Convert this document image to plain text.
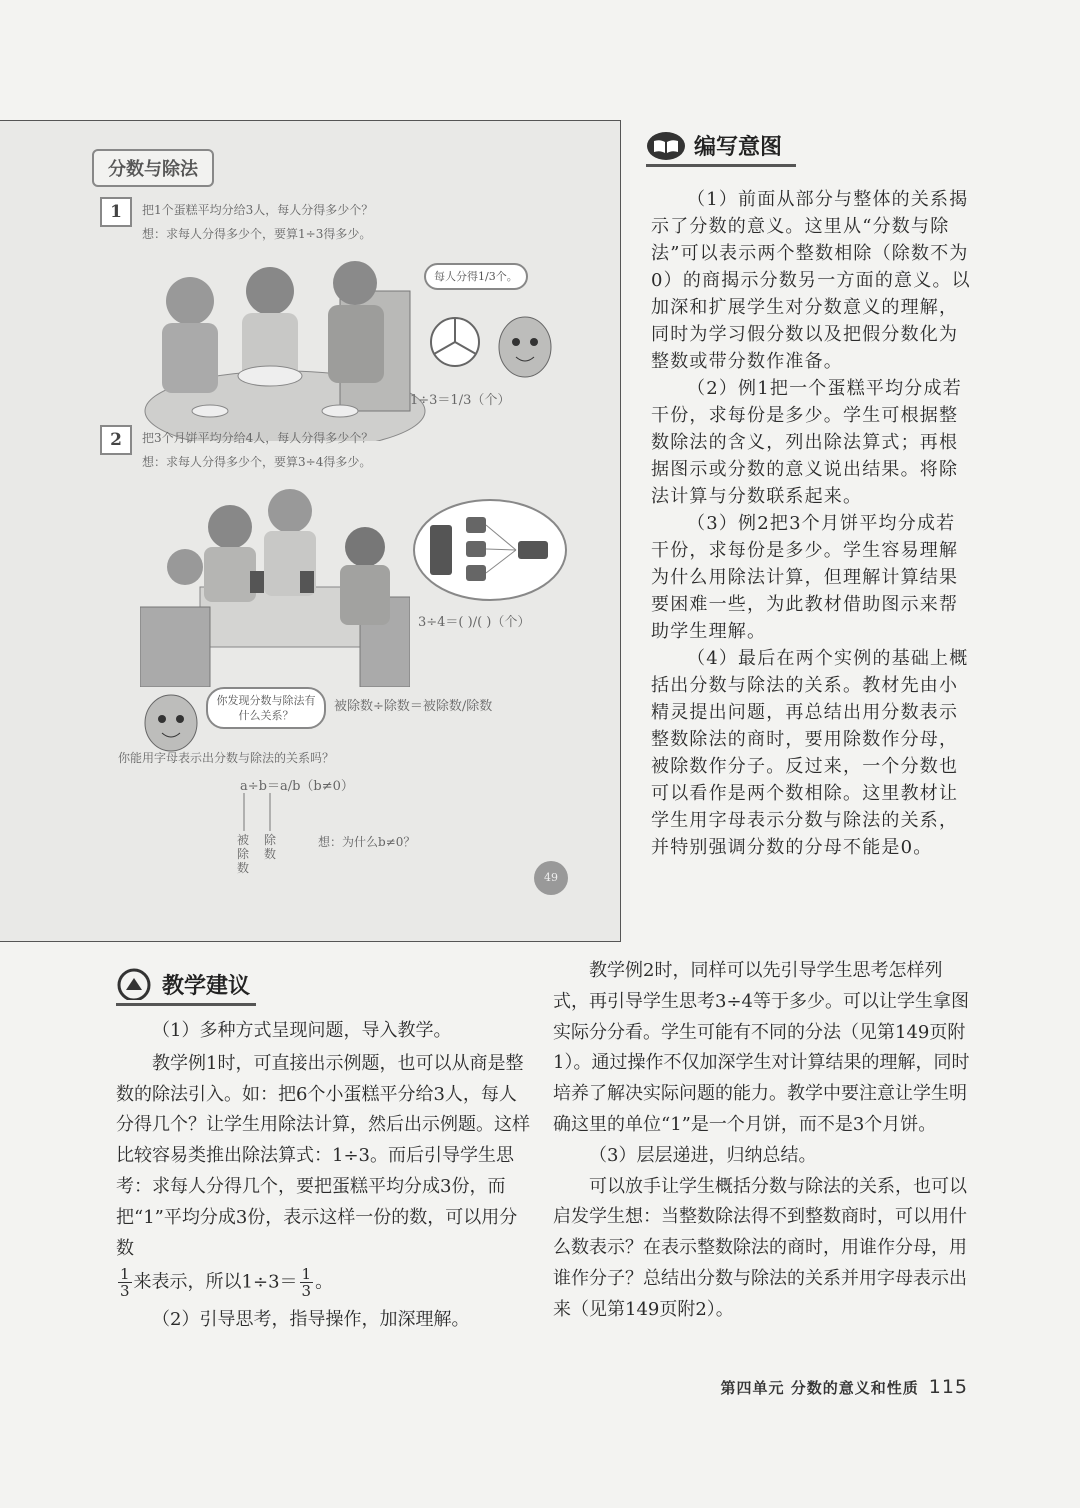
分数与除法
1	把1个蛋糕平均分给3人，每人分得多少个？
想：求每人分得多少个，要算1÷3得多少。
每人分得1/3个。
1÷3＝1/3（个）
2	把3个月饼平均分给4人，每人分得多少个？
想：求每人分得多少个，要算3÷4得多少。
3÷4＝( )/( )（个）
你发现分数与除法有什么关系？
被除数÷除数＝被除数/除数
你能用字母表示出分数与除法的关系吗？
a÷b＝a/b（b≠0）
被除数
除数
想：为什么b≠0？
49
编写意图

（1）前面从部分与整体的关系揭示了分数的意义。这里从“分数与除法”可以表示两个整数相除（除数不为0）的商揭示分数另一方面的意义。以加深和扩展学生对分数意义的理解，同时为学习假分数以及把假分数化为整数或带分数作准备。

（2）例1把一个蛋糕平均分成若干份，求每份是多少。学生可根据整数除法的含义，列出除法算式；再根据图示或分数的意义说出结果。将除法计算与分数联系起来。

（3）例2把3个月饼平均分成若干份，求每份是多少。学生容易理解为什么用除法计算，但理解计算结果要困难一些，为此教材借助图示来帮助学生理解。

（4）最后在两个实例的基础上概括出分数与除法的关系。教材先由小精灵提出问题，再总结出用分数表示整数除法的商时，要用除数作分母，被除数作分子。反过来，一个分数也可以看作是两个数相除。这里教材让学生用字母表示分数与除法的关系，并特别强调分数的分母不能是0。

教学建议

（1）多种方式呈现问题，导入教学。

教学例1时，可直接出示例题，也可以从商是整数的除法引入。如：把6个小蛋糕平分给3人，每人分得几个？让学生用除法计算，然后出示例题。这样比较容易类推出除法算式：1÷3。而后引导学生思考：求每人分得几个，要把蛋糕平均分成3份，而把“1”平均分成3份，表示这样一份的数，可以用分数

$\frac{1}{3}$ 来表示，所以$1\div 3= \frac{1}{3}$ 。

（2）引导思考，指导操作，加深理解。

教学例2时，同样可以先引导学生思考怎样列式，再引导学生思考3÷4等于多少。可以让学生拿图实际分分看。学生可能有不同的分法（见第149页附1）。通过操作不仅加深学生对计算结果的理解，同时培养了解决实际问题的能力。教学中要注意让学生明确这里的单位“1”是一个月饼，而不是3个月饼。

（3）层层递进，归纳总结。

可以放手让学生概括分数与除法的关系，也可以启发学生想：当整数除法得不到整数商时，可以用什么数表示？在表示整数除法的商时，用谁作分母，用谁作分子？总结出分数与除法的关系并用字母表示出来（见第149页附2）。

第四单元 分数的意义和性质 115
